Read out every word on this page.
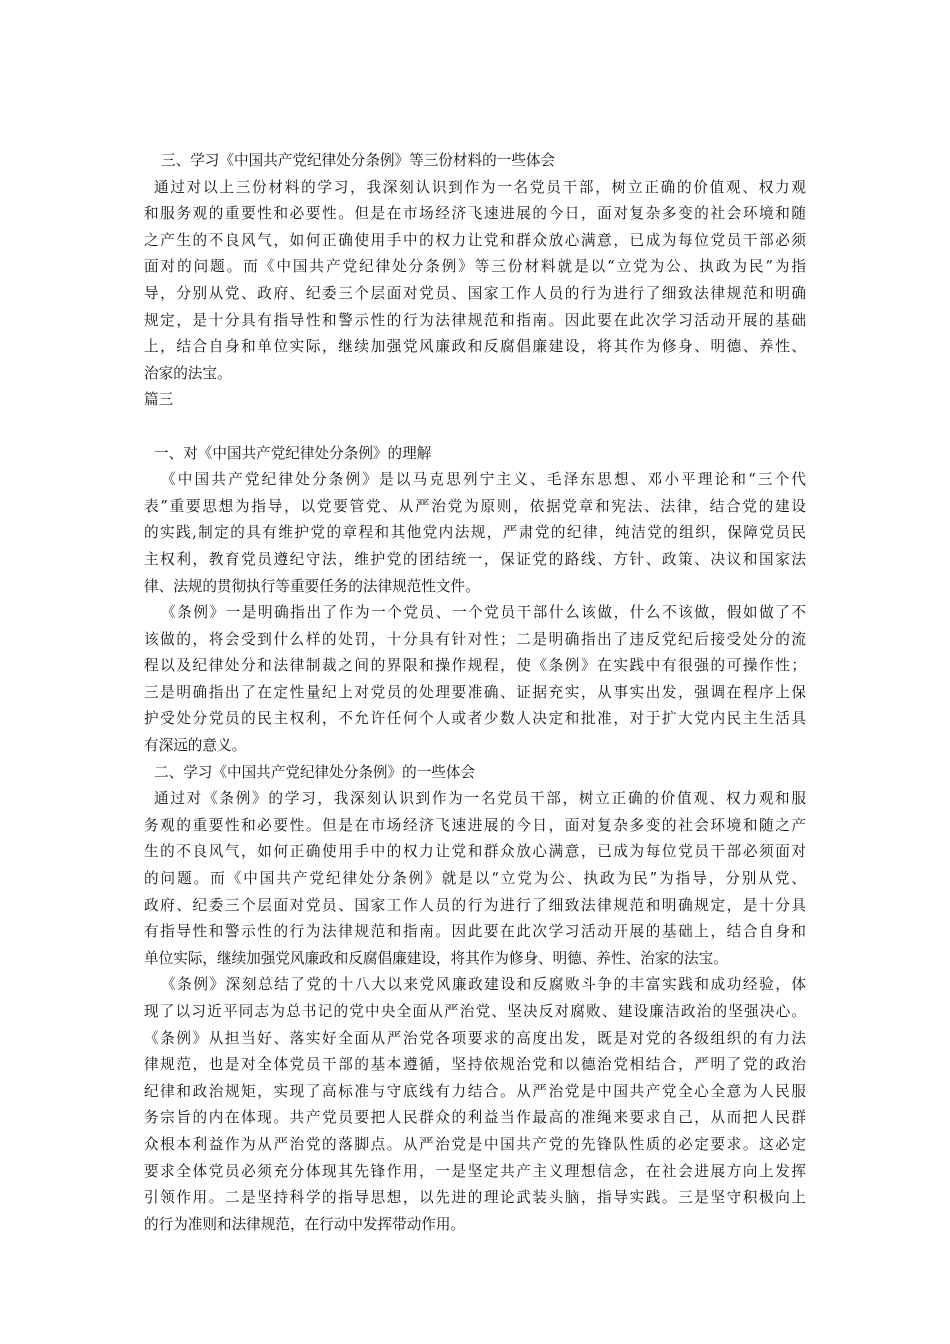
三、学习《中国共产党纪律处分条例》等三份材料的一些体会
通过对以上三份材料的学习，我深刻认识到作为一名党员干部，树立正确的价值观、权力观
和服务观的重要性和必要性。但是在市场经济飞速进展的今日，面对复杂多变的社会环境和随
之产生的不良风气，如何正确使用手中的权力让党和群众放心满意，已成为每位党员干部必须
面对的问题。而《中国共产党纪律处分条例》等三份材料就是以“立党为公、执政为民”为指
导，分别从党、政府、纪委三个层面对党员、国家工作人员的行为进行了细致法律规范和明确
规定，是十分具有指导性和警示性的行为法律规范和指南。因此要在此次学习活动开展的基础
上，结合自身和单位实际，继续加强党风廉政和反腐倡廉建设，将其作为修身、明德、养性、
治家的法宝。
篇三
一、对《中国共产党纪律处分条例》的理解
《中国共产党纪律处分条例》是以马克思列宁主义、毛泽东思想、邓小平理论和“三个代
表”重要思想为指导，以党要管党、从严治党为原则，依据党章和宪法、法律，结合党的建设
的实践,制定的具有维护党的章程和其他党内法规，严肃党的纪律，纯洁党的组织，保障党员民
主权利，教育党员遵纪守法，维护党的团结统一，保证党的路线、方针、政策、决议和国家法
律、法规的贯彻执行等重要任务的法律规范性文件。
《条例》一是明确指出了作为一个党员、一个党员干部什么该做，什么不该做，假如做了不
该做的，将会受到什么样的处罚，十分具有针对性；二是明确指出了违反党纪后接受处分的流
程以及纪律处分和法律制裁之间的界限和操作规程，使《条例》在实践中有很强的可操作性；
三是明确指出了在定性量纪上对党员的处理要准确、证据充实，从事实出发，强调在程序上保
护受处分党员的民主权利，不允许任何个人或者少数人决定和批准，对于扩大党内民主生活具
有深远的意义。
二、学习《中国共产党纪律处分条例》的一些体会
通过对《条例》的学习，我深刻认识到作为一名党员干部，树立正确的价值观、权力观和服
务观的重要性和必要性。但是在市场经济飞速进展的今日，面对复杂多变的社会环境和随之产
生的不良风气，如何正确使用手中的权力让党和群众放心满意，已成为每位党员干部必须面对
的问题。而《中国共产党纪律处分条例》就是以“立党为公、执政为民”为指导，分别从党、
政府、纪委三个层面对党员、国家工作人员的行为进行了细致法律规范和明确规定，是十分具
有指导性和警示性的行为法律规范和指南。因此要在此次学习活动开展的基础上，结合自身和
单位实际，继续加强党风廉政和反腐倡廉建设，将其作为修身、明德、养性、治家的法宝。
《条例》深刻总结了党的十八大以来党风廉政建设和反腐败斗争的丰富实践和成功经验，体
现了以习近平同志为总书记的党中央全面从严治党、坚决反对腐败、建设廉洁政治的坚强决心。
《条例》从担当好、落实好全面从严治党各项要求的高度出发，既是对党的各级组织的有力法
律规范，也是对全体党员干部的基本遵循，坚持依规治党和以德治党相结合，严明了党的政治
纪律和政治规矩，实现了高标准与守底线有力结合。从严治党是中国共产党全心全意为人民服
务宗旨的内在体现。共产党员要把人民群众的利益当作最高的准绳来要求自己，从而把人民群
众根本利益作为从严治党的落脚点。从严治党是中国共产党的先锋队性质的必定要求。这必定
要求全体党员必须充分体现其先锋作用，一是坚定共产主义理想信念，在社会进展方向上发挥
引领作用。二是坚持科学的指导思想，以先进的理论武装头脑，指导实践。三是坚守积极向上
的行为准则和法律规范，在行动中发挥带动作用。
